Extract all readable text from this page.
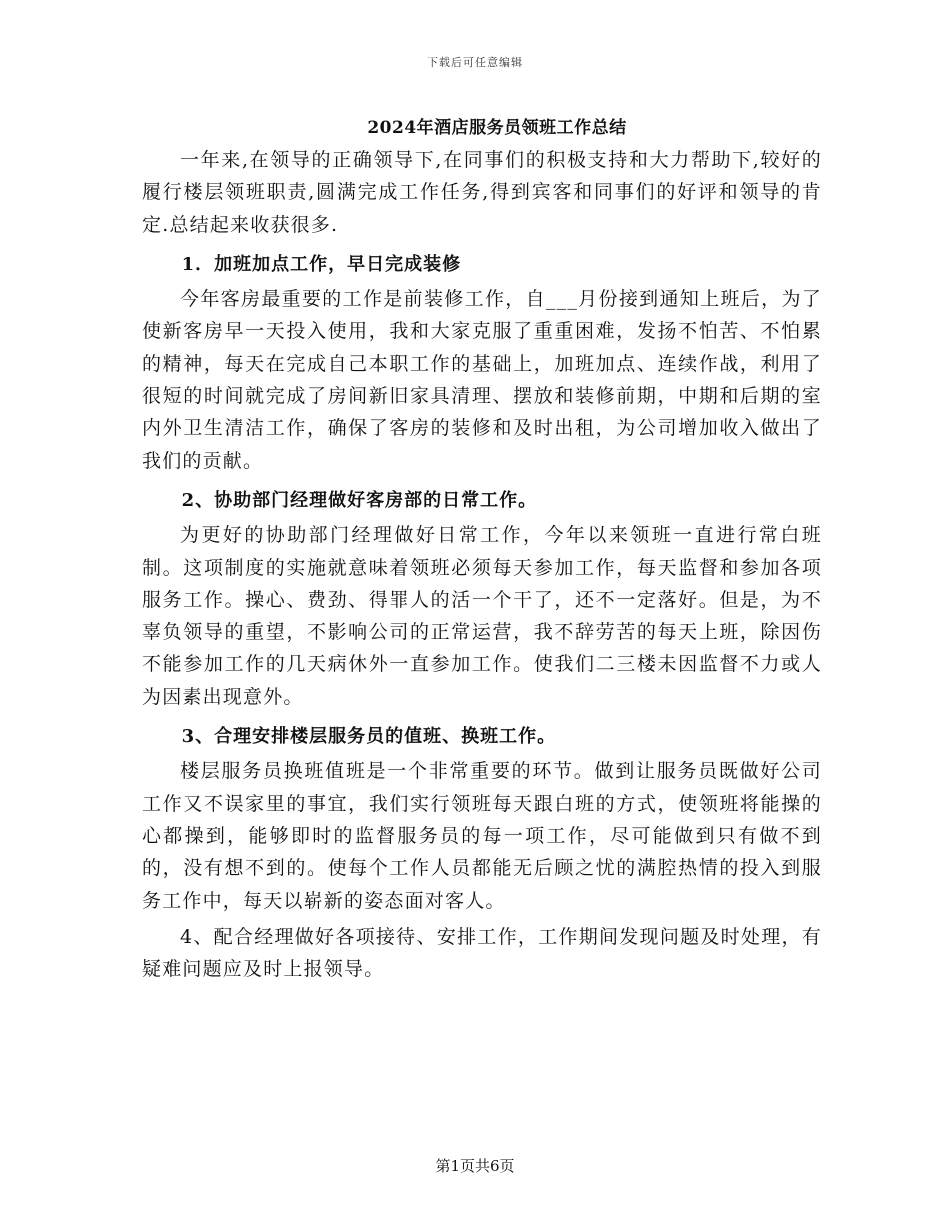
下载后可任意编辑
2024年酒店服务员领班工作总结

一年来,在领导的正确领导下,在同事们的积极支持和大力帮助下,较好的履行楼层领班职责,圆满完成工作任务,得到宾客和同事们的好评和领导的肯定.总结起来收获很多.

1．加班加点工作，早日完成装修

今年客房最重要的工作是前装修工作，自___月份接到通知上班后，为了使新客房早一天投入使用，我和大家克服了重重困难，发扬不怕苦、不怕累的精神，每天在完成自己本职工作的基础上，加班加点、连续作战，利用了很短的时间就完成了房间新旧家具清理、摆放和装修前期，中期和后期的室内外卫生清洁工作，确保了客房的装修和及时出租，为公司增加收入做出了我们的贡献。

2、协助部门经理做好客房部的日常工作。

为更好的协助部门经理做好日常工作，今年以来领班一直进行常白班制。这项制度的实施就意味着领班必须每天参加工作，每天监督和参加各项服务工作。操心、费劲、得罪人的活一个干了，还不一定落好。但是，为不辜负领导的重望，不影响公司的正常运营，我不辞劳苦的每天上班，除因伤不能参加工作的几天病休外一直参加工作。使我们二三楼未因监督不力或人为因素出现意外。

3、合理安排楼层服务员的值班、换班工作。

楼层服务员换班值班是一个非常重要的环节。做到让服务员既做好公司工作又不误家里的事宜，我们实行领班每天跟白班的方式，使领班将能操的心都操到，能够即时的监督服务员的每一项工作，尽可能做到只有做不到的，没有想不到的。使每个工作人员都能无后顾之忧的满腔热情的投入到服务工作中，每天以崭新的姿态面对客人。

4、配合经理做好各项接待、安排工作，工作期间发现问题及时处理，有疑难问题应及时上报领导。

第1页共6页
